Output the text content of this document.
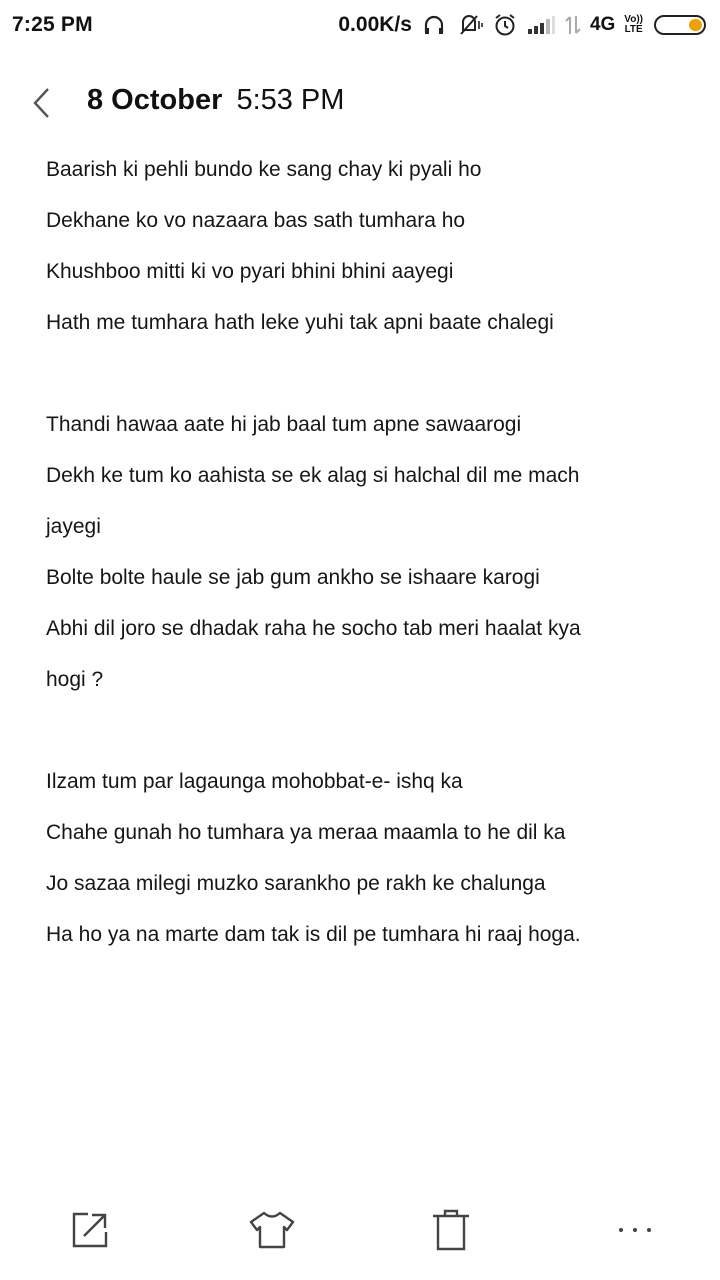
7:25 PM	0.00K/s	4G Vo))
LTE
8 October 5:53 PM
Baarish ki pehli bundo ke sang chay ki pyali ho
Dekhane ko vo nazaara bas sath tumhara ho
Khushboo mitti ki vo pyari bhini bhini aayegi
Hath me tumhara hath leke yuhi tak apni baate chalegi
Thandi hawaa aate hi jab baal tum apne sawaarogi
Dekh ke tum ko aahista se ek alag si halchal dil me mach
jayegi
Bolte bolte haule se jab gum ankho se ishaare karogi
Abhi dil joro se dhadak raha he socho tab meri haalat kya
hogi ?
Ilzam tum par lagaunga mohobbat-e- ishq ka
Chahe gunah ho tumhara ya meraa maamla to he dil ka
Jo sazaa milegi muzko sarankho pe rakh ke chalunga
Ha ho ya na marte dam tak is dil pe tumhara hi raaj hoga.
